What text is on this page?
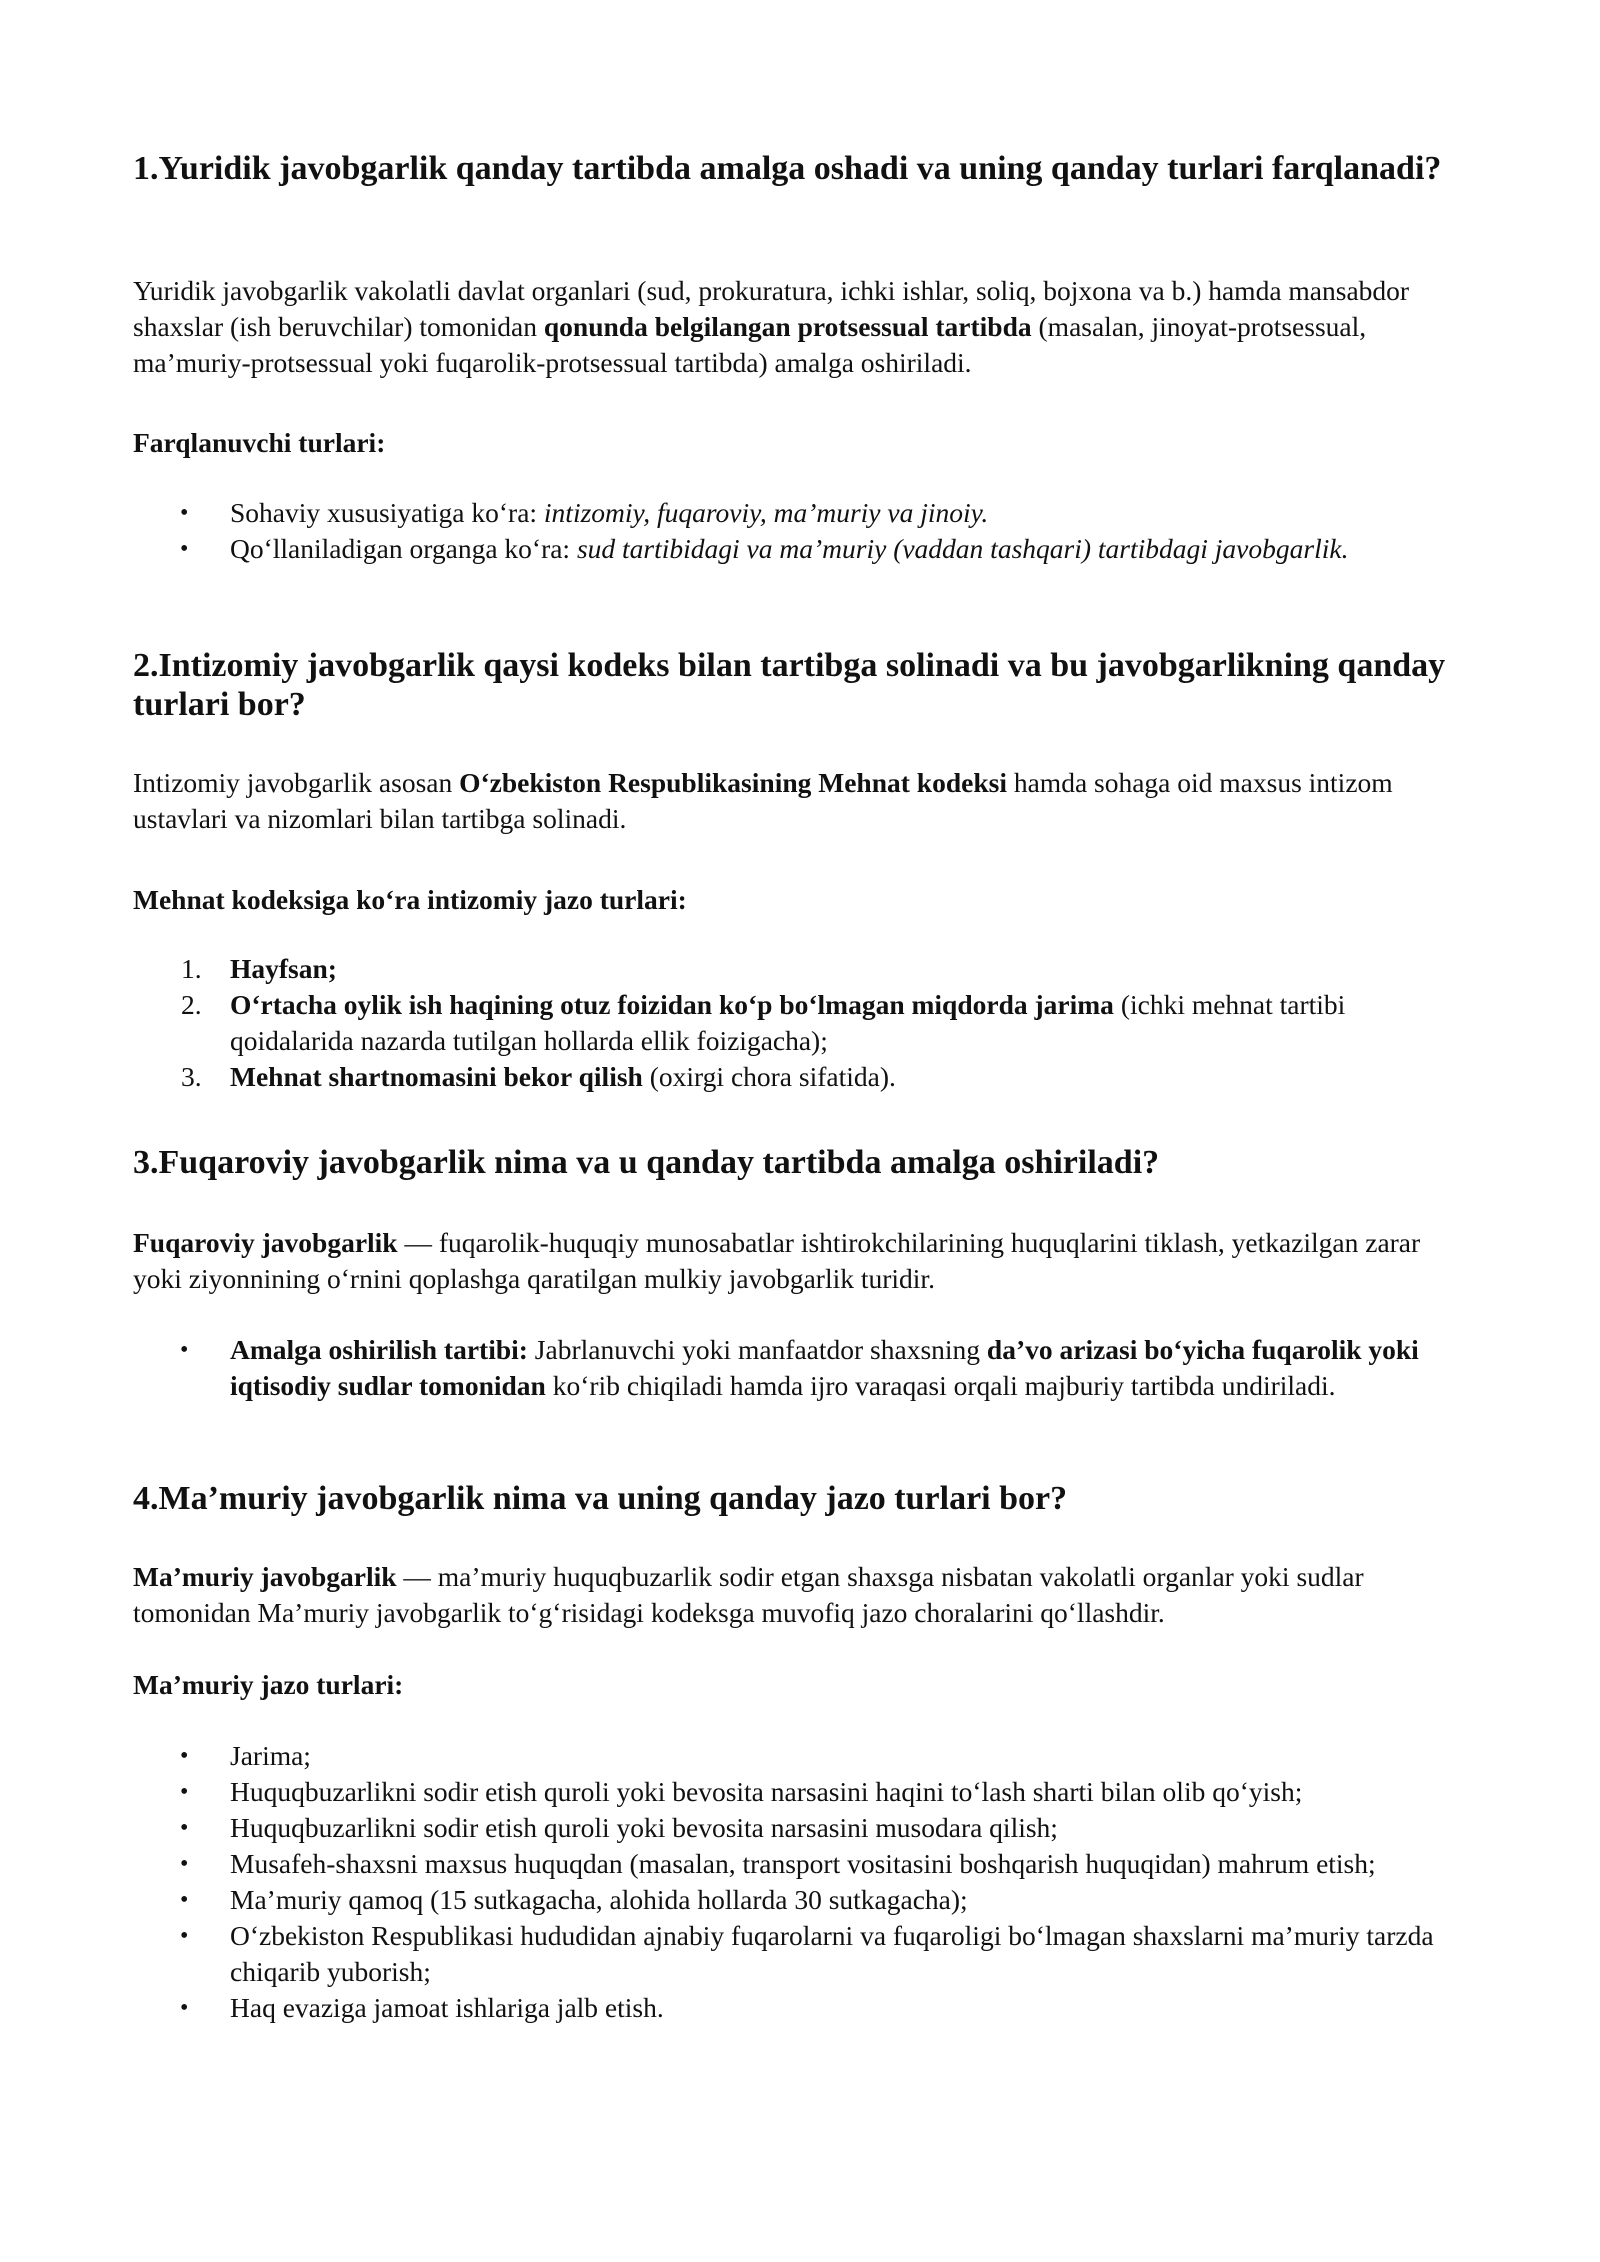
1.Yuridik javobgarlik qanday tartibda amalga oshadi va uning qanday turlari farqlanadi?

Yuridik javobgarlik vakolatli davlat organlari (sud, prokuratura, ichki ishlar, soliq, bojxona va b.) hamda mansabdor shaxslar (ish beruvchilar) tomonidan qonunda belgilangan protsessual tartibda (masalan, jinoyat-protsessual, ma’muriy-protsessual yoki fuqarolik-protsessual tartibda) amalga oshiriladi.

Farqlanuvchi turlari:

• Sohaviy xususiyatiga ko‘ra: intizomiy, fuqaroviy, ma’muriy va jinoiy.
• Qo‘llaniladigan organga ko‘ra: sud tartibidagi va ma’muriy (vaddan tashqari) tartibdagi javobgarlik.
2.Intizomiy javobgarlik qaysi kodeks bilan tartibga solinadi va bu javobgarlikning qanday turlari bor?

Intizomiy javobgarlik asosan O‘zbekiston Respublikasining Mehnat kodeksi hamda sohaga oid maxsus intizom ustavlari va nizomlari bilan tartibga solinadi.

Mehnat kodeksiga ko‘ra intizomiy jazo turlari:

1. Hayfsan;
2. O‘rtacha oylik ish haqining otuz foizidan ko‘p bo‘lmagan miqdorda jarima (ichki mehnat tartibi qoidalarida nazarda tutilgan hollarda ellik foizigacha);
3. Mehnat shartnomasini bekor qilish (oxirgi chora sifatida).
3.Fuqaroviy javobgarlik nima va u qanday tartibda amalga oshiriladi?

Fuqaroviy javobgarlik — fuqarolik-huquqiy munosabatlar ishtirokchilarining huquqlarini tiklash, yetkazilgan zarar yoki ziyonnining o‘rnini qoplashga qaratilgan mulkiy javobgarlik turidir.

• Amalga oshirilish tartibi: Jabrlanuvchi yoki manfaatdor shaxsning da’vo arizasi bo‘yicha fuqarolik yoki iqtisodiy sudlar tomonidan ko‘rib chiqiladi hamda ijro varaqasi orqali majburiy tartibda undiriladi.
4.Ma’muriy javobgarlik nima va uning qanday jazo turlari bor?

Ma’muriy javobgarlik — ma’muriy huquqbuzarlik sodir etgan shaxsga nisbatan vakolatli organlar yoki sudlar tomonidan Ma’muriy javobgarlik to‘g‘risidagi kodeksga muvofiq jazo choralarini qo‘llashdir.

Ma’muriy jazo turlari:

• Jarima;
• Huquqbuzarlikni sodir etish quroli yoki bevosita narsasini haqini to‘lash sharti bilan olib qo‘yish;
• Huquqbuzarlikni sodir etish quroli yoki bevosita narsasini musodara qilish;
• Musafeh-shaxsni maxsus huquqdan (masalan, transport vositasini boshqarish huquqidan) mahrum etish;
• Ma’muriy qamoq (15 sutkagacha, alohida hollarda 30 sutkagacha);
• O‘zbekiston Respublikasi hududidan ajnabiy fuqarolarni va fuqaroligi bo‘lmagan shaxslarni ma’muriy tarzda chiqarib yuborish;
• Haq evaziga jamoat ishlariga jalb etish.
